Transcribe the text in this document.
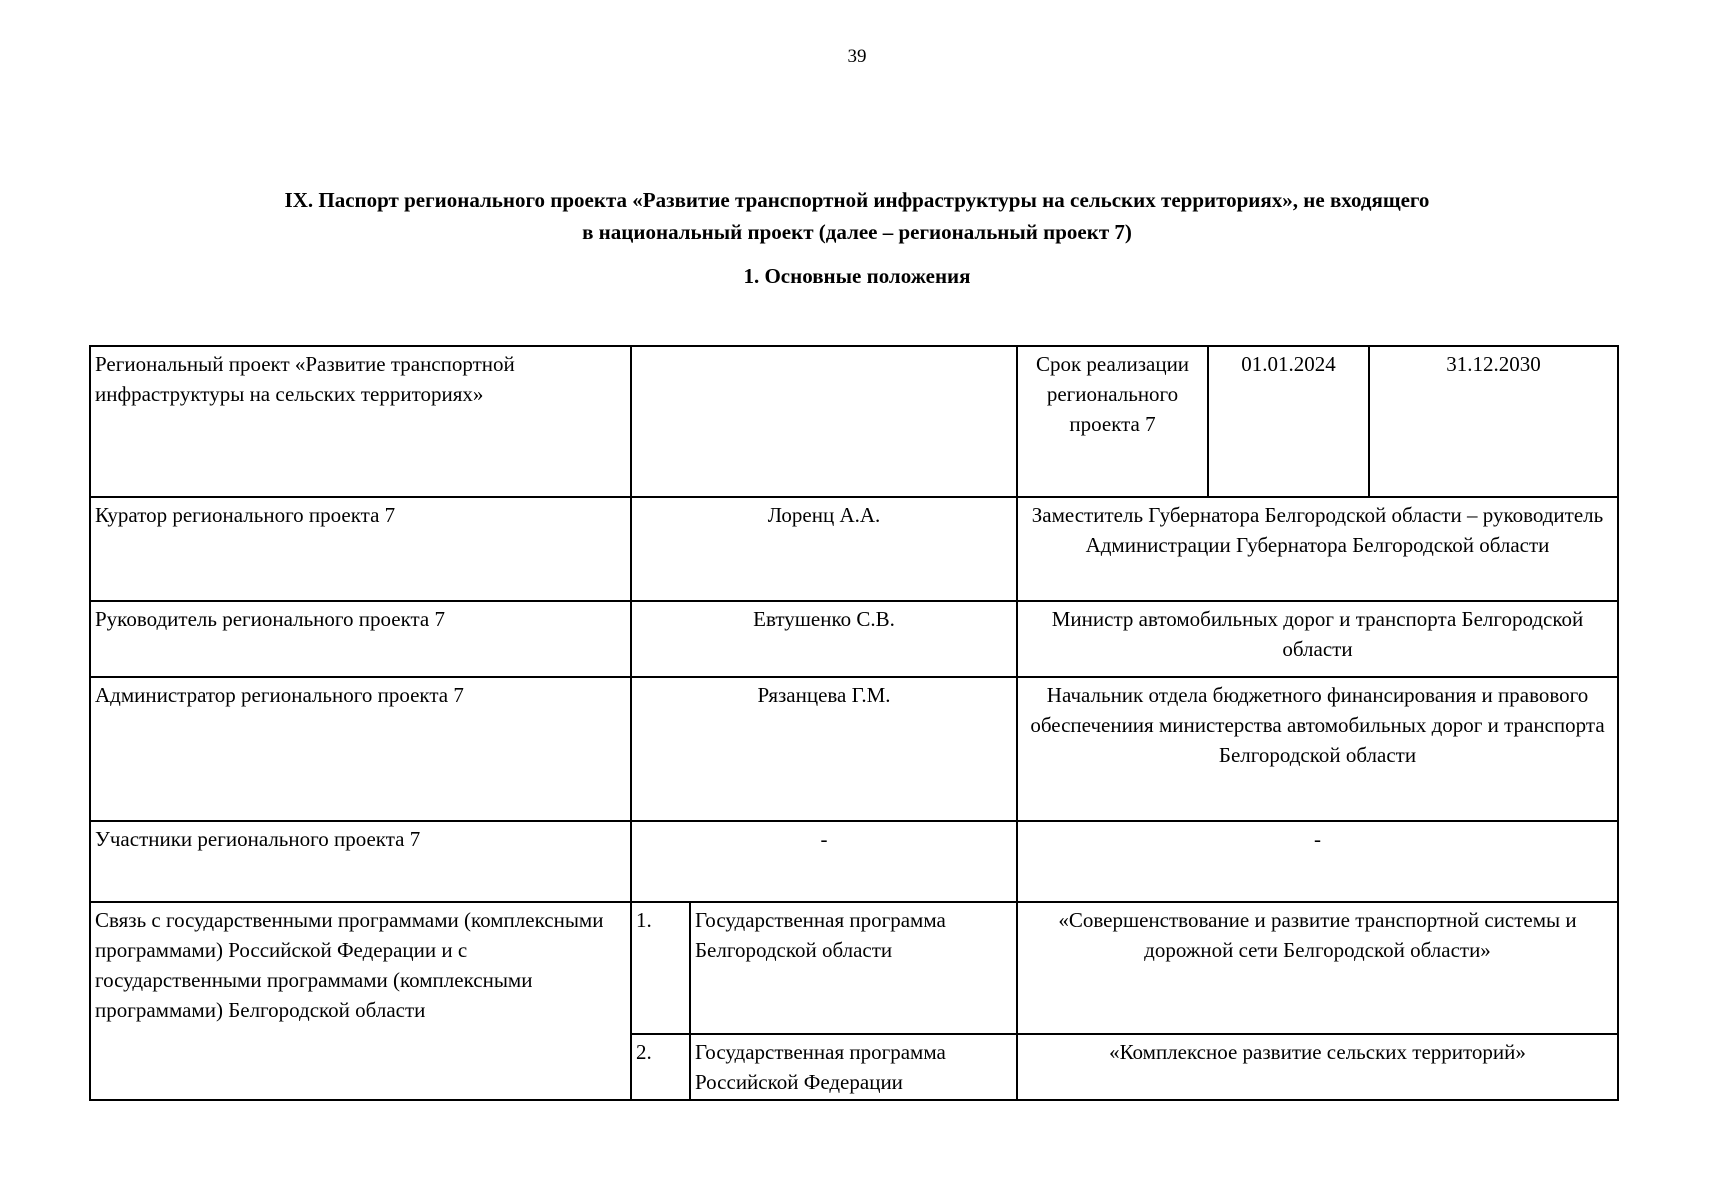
39
IX. Паспорт регионального проекта «Развитие транспортной инфраструктуры на сельских территориях», не входящего
в национальный проект (далее – региональный проект 7)
1. Основные положения
Региональный проект «Развитие транспортной инфраструктуры на сельских территориях»			Срок реализации регионального проекта 7	01.01.2024	31.12.2030
Куратор регионального проекта 7	Лоренц А.А.		Заместитель Губернатора Белгородской области – руководитель Администрации Губернатора Белгородской области		
Руководитель регионального проекта 7	Евтушенко С.В.		Министр автомобильных дорог и транспорта Белгородской области		
Администратор регионального проекта 7	Рязанцева Г.М.		Начальник отдела бюджетного финансирования и правового обеспечениия министерства автомобильных дорог и транспорта Белгородской области		
Участники регионального проекта 7	-		-		
Связь с государственными программами (комплексными программами) Российской Федерации и с государственными программами (комплексными программами) Белгородской области	1.	Государственная программа Белгородской области	«Совершенствование и развитие транспортной системы и дорожной сети Белгородской области»		
	2.	Государственная программа Российской Федерации	«Комплексное развитие сельских территорий»		
